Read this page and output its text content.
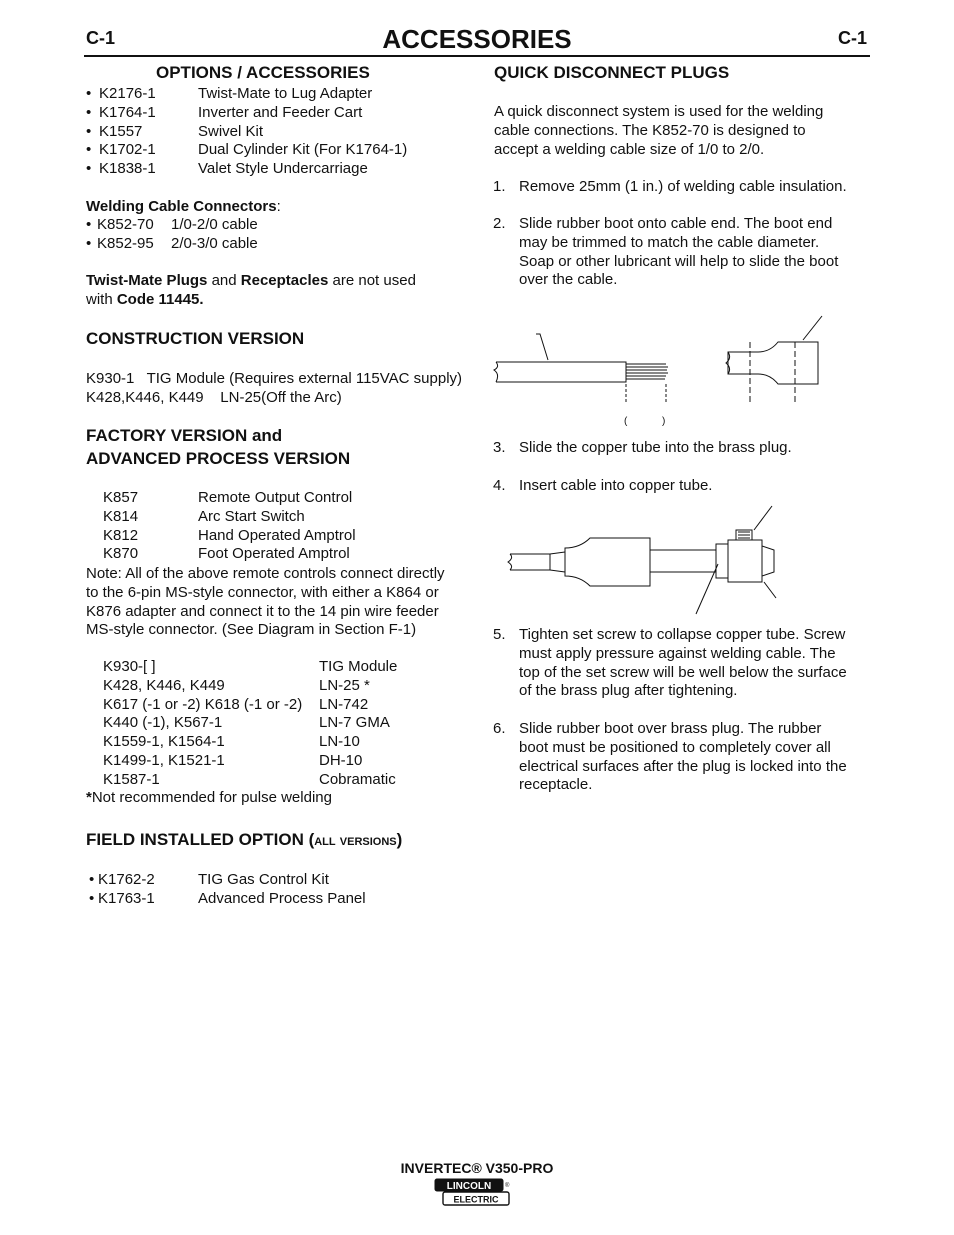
C-1	ACCESSORIES	C-1
OPTIONS / ACCESSORIES
• K2176-1	Twist-Mate to Lug Adapter
• K1764-1	Inverter and Feeder Cart
• K1557	Swivel Kit
• K1702-1	Dual Cylinder Kit (For K1764-1)
• K1838-1	Valet Style Undercarriage
Welding Cable Connectors:
• K852-70	1/0-2/0 cable
• K852-95	2/0-3/0 cable
Twist-Mate Plugs and Receptacles are not used
with Code 11445.
CONSTRUCTION VERSION
K930-1   TIG Module (Requires external 115VAC supply)
K428,K446, K449    LN-25(Off the Arc)
FACTORY VERSION and
ADVANCED PROCESS VERSION
K857	Remote Output Control
K814	Arc Start Switch
K812	Hand Operated Amptrol
K870	Foot Operated Amptrol
Note: All of the above remote controls connect directly
to the 6-pin MS-style connector, with either a K864 or
K876 adapter and connect it to the 14 pin wire feeder
MS-style connector. (See Diagram in Section F-1)
K930-[ ]	TIG Module
K428, K446, K449	LN-25 *
K617 (-1 or -2) K618 (-1 or -2)	LN-742
K440 (-1), K567-1	LN-7 GMA
K1559-1, K1564-1	LN-10
K1499-1, K1521-1	DH-10
K1587-1	Cobramatic
*Not recommended for pulse welding
FIELD INSTALLED OPTION (all versions)
• K1762-2	TIG Gas Control Kit
• K1763-1	Advanced Process Panel
QUICK DISCONNECT PLUGS
A quick disconnect system is used for the welding
cable connections. The K852-70 is designed to
accept a welding cable size of 1/0 to 2/0.
1. Remove 25mm (1 in.) of welding cable insulation.
2. Slide rubber boot onto cable end. The boot end
may be trimmed to match the cable diameter.
Soap or other lubricant will help to slide the boot
over the cable.
(	)
3. Slide the copper tube into the brass plug.
4. Insert cable into copper tube.
5. Tighten set screw to collapse copper tube. Screw
must apply pressure against welding cable. The
top of the set screw will be well below the surface
of the brass plug after tightening.
6. Slide rubber boot over brass plug. The rubber
boot must be positioned to completely cover all
electrical surfaces after the plug is locked into the
receptacle.
INVERTEC® V350-PRO
LINCOLN
ELECTRIC
®
